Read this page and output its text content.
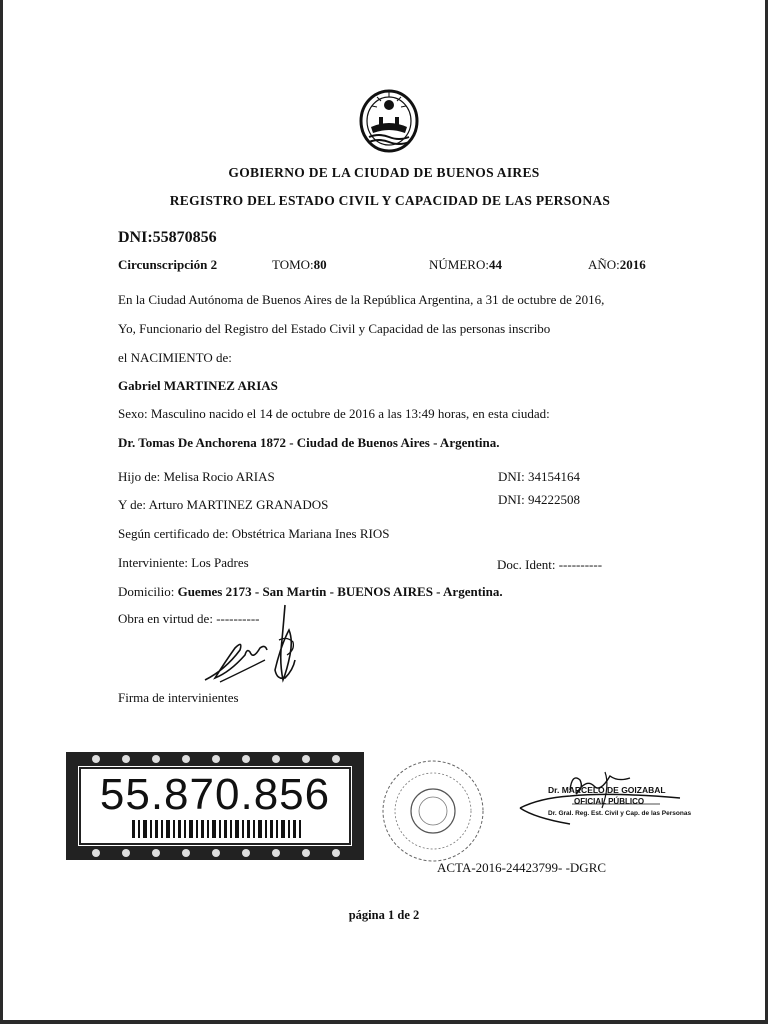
GOBIERNO DE LA CIUDAD DE BUENOS AIRES
REGISTRO DEL ESTADO CIVIL Y CAPACIDAD DE LAS PERSONAS
DNI:55870856
Circunscripción 2	TOMO:80	NÚMERO:44	AÑO:2016
En la Ciudad Autónoma de Buenos Aires de la República Argentina, a 31 de octubre de 2016,
Yo, Funcionario del Registro del Estado Civil y Capacidad de las personas inscribo
el NACIMIENTO de:
Gabriel MARTINEZ ARIAS
Sexo: Masculino nacido el 14 de octubre de 2016 a las 13:49 horas, en esta ciudad:
Dr. Tomas De Anchorena 1872 - Ciudad de Buenos Aires - Argentina.
Hijo de: Melisa Rocio ARIAS	DNI: 34154164
Y de: Arturo MARTINEZ GRANADOS	DNI: 94222508
Según certificado de: Obstétrica Mariana Ines RIOS
Interviniente: Los Padres	Doc. Ident: ----------
Domicilio: Guemes 2173 - San Martin - BUENOS AIRES - Argentina.
Obra en virtud de: ----------
Firma de intervinientes
55.870.856	Dr. MARCELO DE GOIZABAL
OFICIAL PÚBLICO
Dr. Gral. Reg. Est. Civil y Cap. de las Personas
ACTA-2016-24423799- -DGRC
página 1 de 2
